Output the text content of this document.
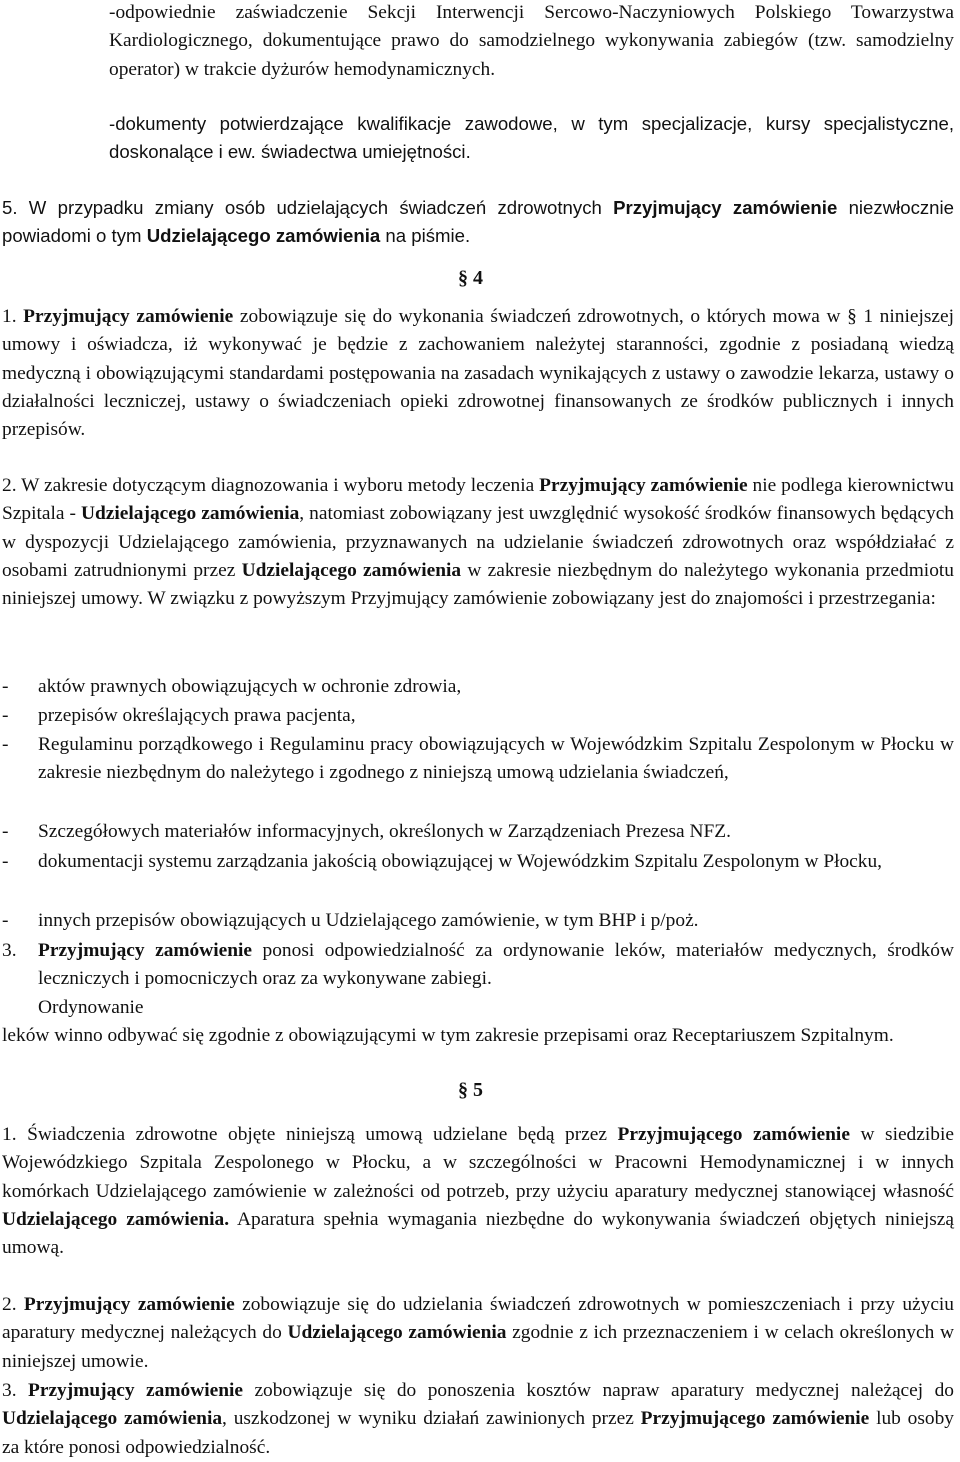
-odpowiednie zaświadczenie Sekcji Interwencji Sercowo-Naczyniowych Polskiego Towarzystwa Kardiologicznego, dokumentujące prawo do samodzielnego wykonywania zabiegów (tzw. samodzielny operator) w trakcie dyżurów hemodynamicznych.
-dokumenty potwierdzające kwalifikacje zawodowe, w tym specjalizacje, kursy specjalistyczne, doskonalące i ew. świadectwa umiejętności.
5. W przypadku zmiany osób udzielających świadczeń zdrowotnych Przyjmujący zamówienie niezwłocznie powiadomi o tym Udzielającego zamówienia na piśmie.
§ 4
1. Przyjmujący zamówienie zobowiązuje się do wykonania świadczeń zdrowotnych, o których mowa w § 1 niniejszej umowy i oświadcza, iż wykonywać je będzie z zachowaniem należytej staranności, zgodnie z posiadaną wiedzą medyczną i obowiązującymi standardami postępowania na zasadach wynikających z ustawy o zawodzie lekarza, ustawy o działalności leczniczej, ustawy o świadczeniach opieki zdrowotnej finansowanych ze środków publicznych i innych przepisów.
2. W zakresie dotyczącym diagnozowania i wyboru metody leczenia Przyjmujący zamówienie nie podlega kierownictwu Szpitala - Udzielającego zamówienia, natomiast zobowiązany jest uwzględnić wysokość środków finansowych będących w dyspozycji Udzielającego zamówienia, przyznawanych na udzielanie świadczeń zdrowotnych oraz współdziałać z osobami zatrudnionymi przez Udzielającego zamówienia w zakresie niezbędnym do należytego wykonania przedmiotu niniejszej umowy. W związku z powyższym Przyjmujący zamówienie zobowiązany jest do znajomości i przestrzegania:
-	aktów prawnych obowiązujących w ochronie zdrowia,
-	przepisów określających prawa pacjenta,
-	Regulaminu porządkowego i Regulaminu pracy obowiązujących w Wojewódzkim Szpitalu Zespolonym w Płocku w zakresie niezbędnym do należytego i zgodnego z niniejszą umową udzielania świadczeń,
-	Szczegółowych materiałów informacyjnych, określonych w Zarządzeniach Prezesa NFZ.
-	dokumentacji systemu zarządzania jakością obowiązującej w Wojewódzkim Szpitalu Zespolonym w Płocku,
-	innych przepisów obowiązujących u Udzielającego zamówienie, w tym BHP i p/poż.
3.	Przyjmujący zamówienie ponosi odpowiedzialność za ordynowanie leków, materiałów medycznych, środków leczniczych i pomocniczych oraz za wykonywane zabiegi.
Ordynowanie
leków winno odbywać się zgodnie z obowiązującymi w tym zakresie przepisami oraz Receptariuszem Szpitalnym.
§ 5
1. Świadczenia zdrowotne objęte niniejszą umową udzielane będą przez Przyjmującego zamówienie w siedzibie Wojewódzkiego Szpitala Zespolonego w Płocku, a w szczególności w Pracowni Hemodynamicznej i w innych komórkach Udzielającego zamówienie w zależności od potrzeb, przy użyciu aparatury medycznej stanowiącej własność Udzielającego zamówienia. Aparatura spełnia wymagania niezbędne do wykonywania świadczeń objętych niniejszą umową.
2. Przyjmujący zamówienie zobowiązuje się do udzielania świadczeń zdrowotnych w pomieszczeniach i przy użyciu aparatury medycznej należących do Udzielającego zamówienia zgodnie z ich przeznaczeniem i w celach określonych w niniejszej umowie.
3. Przyjmujący zamówienie zobowiązuje się do ponoszenia kosztów napraw aparatury medycznej należącej do Udzielającego zamówienia, uszkodzonej w wyniku działań zawinionych przez Przyjmującego zamówienie lub osoby za które ponosi odpowiedzialność.
